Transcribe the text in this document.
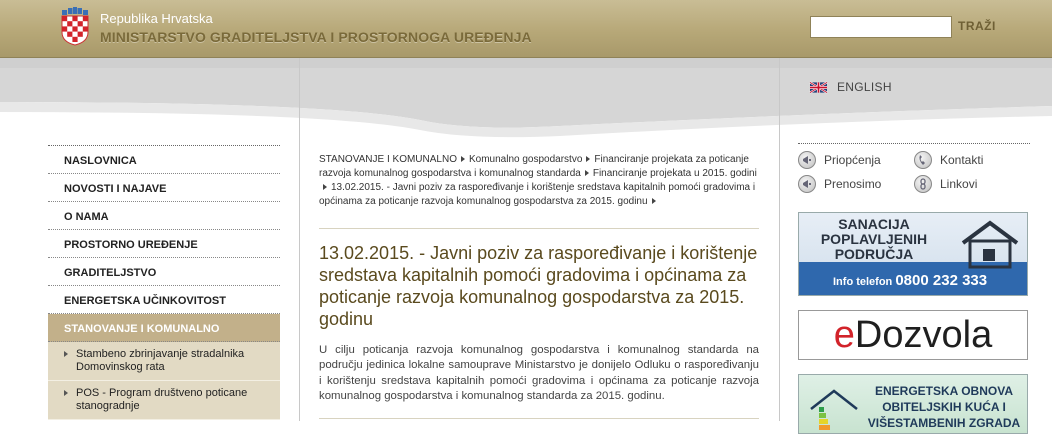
Republika Hrvatska
MINISTARSTVO GRADITELJSTVA I PROSTORNOGA UREĐENJA
TRAŽI
ENGLISH
NASLOVNICA
NOVOSTI I NAJAVE
O NAMA
PROSTORNO UREĐENJE
GRADITELJSTVO
ENERGETSKA UČINKOVITOST
STANOVANJE I KOMUNALNO
Stambeno zbrinjavanje stradalnika Domovinskog rata
POS - Program društveno poticane stanogradnje
STANOVANJE I KOMUNALNO Komunalno gospodarstvo Financiranje projekata za poticanje razvoja komunalnog gospodarstva i komunalnog standarda Financiranje projekata u 2015. godini13.02.2015. - Javni poziv za raspoređivanje i korištenje sredstava kapitalnih pomoći gradovima i općinama za poticanje razvoja komunalnog gospodarstva za 2015. godinu
13.02.2015. - Javni poziv za raspoređivanje i korištenje sredstava kapitalnih pomoći gradovima i općinama za poticanje razvoja komunalnog gospodarstva za 2015. godinu
U cilju poticanja razvoja komunalnog gospodarstva i komunalnog standarda na području jedinica lokalne samouprave Ministarstvo je donijelo Odluku o raspoređivanju i korištenju sredstava kapitalnih pomoći gradovima i općinama za poticanje razvoja komunalnog gospodarstva i komunalnog standarda za 2015. godinu.
Priopćenja	Kontakti
Prenosimo	Linkovi
SANACIJA POPLAVLJENIH PODRUČJA
Info telefon 0800 232 333
e Dozvola
ENERGETSKA OBNOVA OBITELJSKIH KUĆA I VIŠESTAMBENIH ZGRADA
